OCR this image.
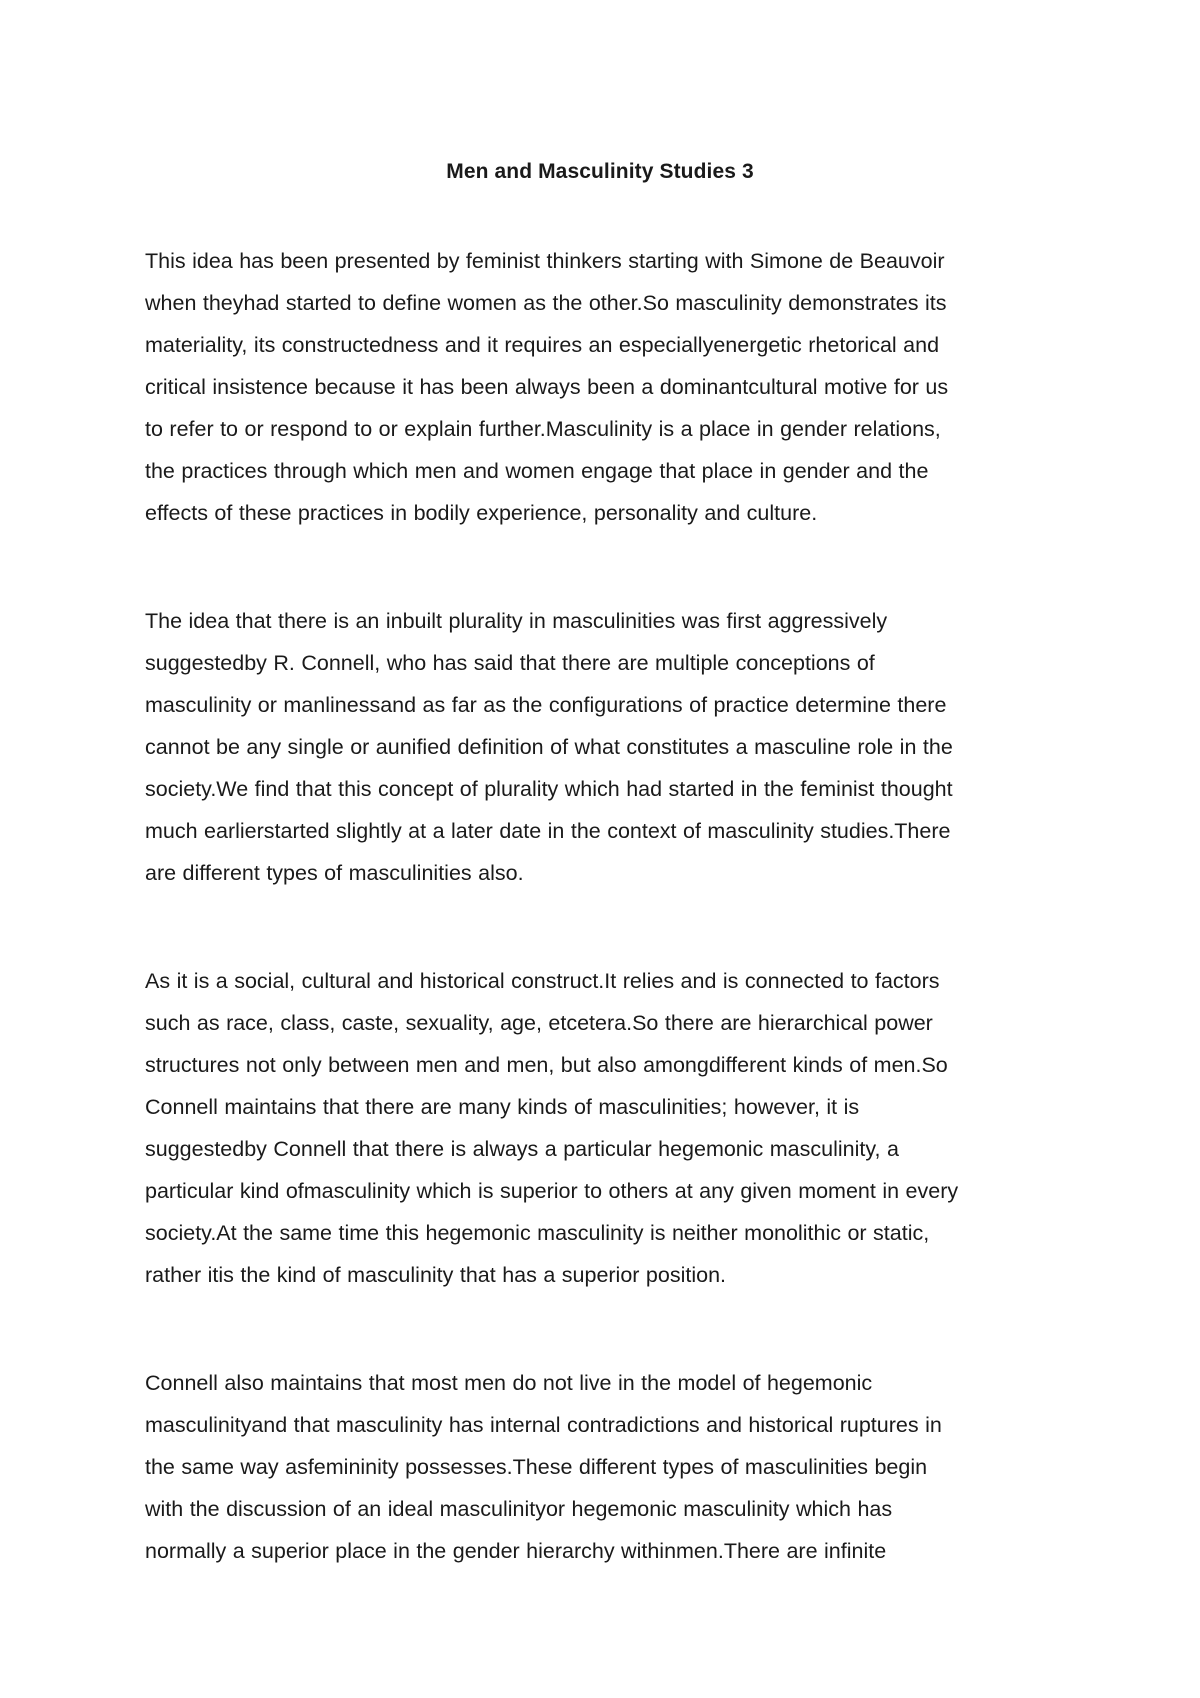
Men and Masculinity Studies 3

This idea has been presented by feminist thinkers starting with Simone de Beauvoir
when theyhad started to define women as the other.So masculinity demonstrates its
materiality, its constructedness and it requires an especiallyenergetic rhetorical and
critical insistence because it has been always been a dominantcultural motive for us
to refer to or respond to or explain further.Masculinity is a place in gender relations,
the practices through which men and women engage that place in gender and the
effects of these practices in bodily experience, personality and culture.

The idea that there is an inbuilt plurality in masculinities was first aggressively
suggestedby R. Connell, who has said that there are multiple conceptions of
masculinity or manlinessand as far as the configurations of practice determine there
cannot be any single or aunified definition of what constitutes a masculine role in the
society.We find that this concept of plurality which had started in the feminist thought
much earlierstarted slightly at a later date in the context of masculinity studies.There
are different types of masculinities also.

As it is a social, cultural and historical construct.It relies and is connected to factors
such as race, class, caste, sexuality, age, etcetera.So there are hierarchical power
structures not only between men and men, but also amongdifferent kinds of men.So
Connell maintains that there are many kinds of masculinities; however, it is
suggestedby Connell that there is always a particular hegemonic masculinity, a
particular kind ofmasculinity which is superior to others at any given moment in every
society.At the same time this hegemonic masculinity is neither monolithic or static,
rather itis the kind of masculinity that has a superior position.

Connell also maintains that most men do not live in the model of hegemonic
masculinityand that masculinity has internal contradictions and historical ruptures in
the same way asfemininity possesses.These different types of masculinities begin
with the discussion of an ideal masculinityor hegemonic masculinity which has
normally a superior place in the gender hierarchy withinmen.There are infinite
